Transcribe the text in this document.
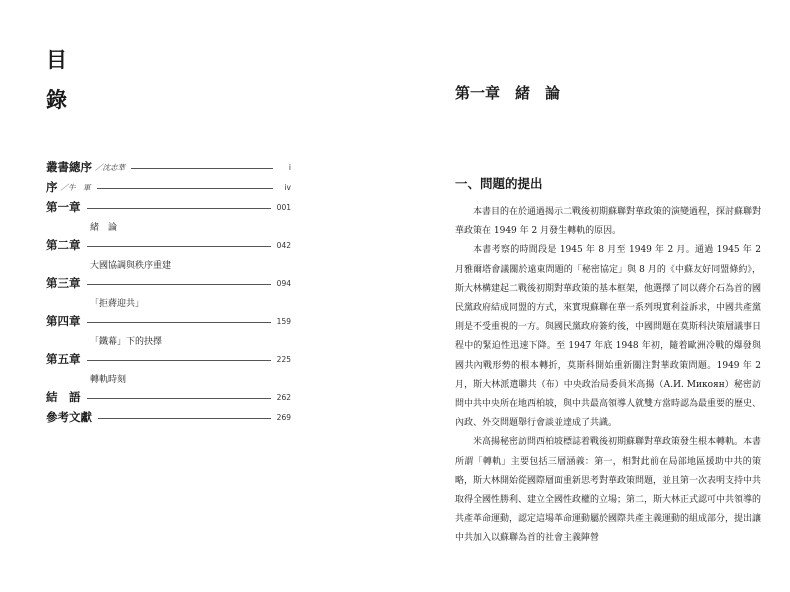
目
錄
叢書總序 ／沈志華	i
序 ／牛　軍	iv
第一章	001
緒　論
第二章	042
大國協調與秩序重建
第三章	094
「拒蔣迎共」
第四章	159
「鐵幕」下的抉擇
第五章	225
轉軌時刻
結　語	262
參考文獻	269
第一章　緒　論
一、問題的提出

本書目的在於通過揭示二戰後初期蘇聯對華政策的演變過程，探討蘇聯對華政策在 1949 年 2 月發生轉軌的原因。

本書考察的時間段是 1945 年 8 月至 1949 年 2 月。通過 1945 年 2 月雅爾塔會議關於遠東問題的「秘密協定」與 8 月的《中蘇友好同盟條約》，斯大林構建起二戰後初期對華政策的基本框架，他選擇了同以蔣介石為首的國民黨政府結成同盟的方式，來實現蘇聯在華一系列現實利益訴求，中國共產黨則是不受重視的一方。與國民黨政府簽約後，中國問題在莫斯科決策層議事日程中的緊迫性迅速下降。至 1947 年底 1948 年初，隨着歐洲冷戰的爆發與國共內戰形勢的根本轉折，莫斯科開始重新關注對華政策問題。1949 年 2 月，斯大林派遣聯共（布）中央政治局委員米高揚（А.И. Микоян）秘密訪問中共中央所在地西柏坡，與中共最高領導人就雙方當時認為最重要的歷史、內政、外交問題舉行會談並達成了共識。

米高揚秘密訪問西柏坡標誌着戰後初期蘇聯對華政策發生根本轉軌。本書所謂「轉軌」主要包括三層涵義：第一，相對此前在局部地區援助中共的策略，斯大林開始從國際層面重新思考對華政策問題，並且第一次表明支持中共取得全國性勝利、建立全國性政權的立場；第二，斯大林正式認可中共領導的共產革命運動，認定這場革命運動屬於國際共產主義運動的組成部分，提出讓中共加入以蘇聯為首的社會主義陣營
